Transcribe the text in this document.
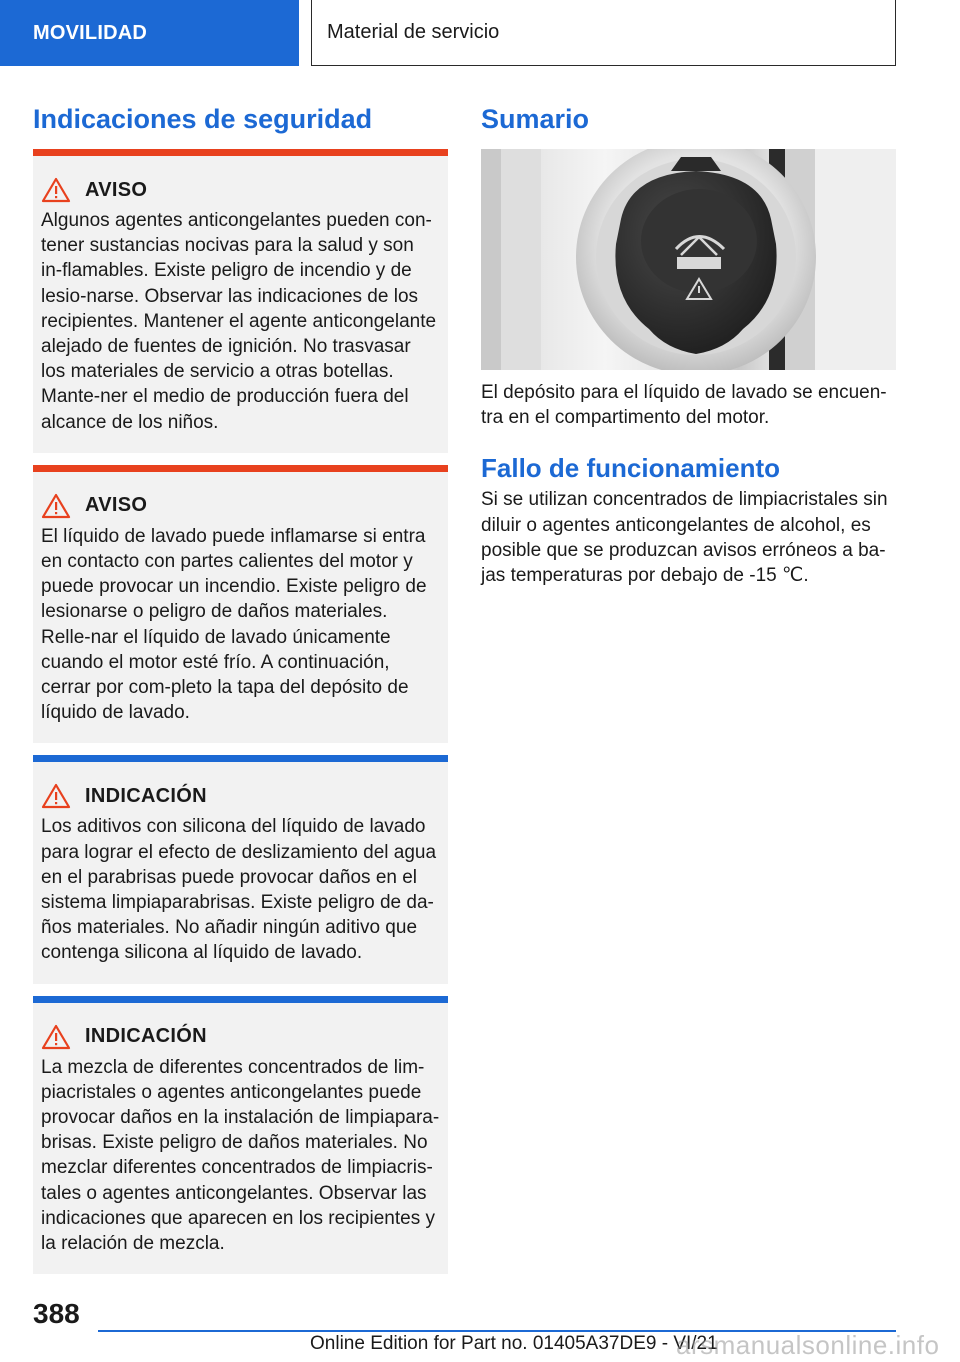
MOVILIDAD	Material de servicio
Indicaciones de seguridad
AVISO

Algunos agentes anticongelantes pueden con-tener sustancias nocivas para la salud y son in-flamables. Existe peligro de incendio y de lesio-narse. Observar las indicaciones de los recipientes. Mantener el agente anticongelante alejado de fuentes de ignición. No trasvasar los materiales de servicio a otras botellas. Mante-ner el medio de producción fuera del alcance de los niños.

AVISO

El líquido de lavado puede inflamarse si entra en contacto con partes calientes del motor y puede provocar un incendio. Existe peligro de lesionarse o peligro de daños materiales. Relle-nar el líquido de lavado únicamente cuando el motor esté frío. A continuación, cerrar por com-pleto la tapa del depósito de líquido de lavado.

INDICACIÓN

Los aditivos con silicona del líquido de lavado para lograr el efecto de deslizamiento del agua en el parabrisas puede provocar daños en el sistema limpiaparabrisas. Existe peligro de da-ños materiales. No añadir ningún aditivo que contenga silicona al líquido de lavado.

INDICACIÓN

La mezcla de diferentes concentrados de lim-piacristales o agentes anticongelantes puede provocar daños en la instalación de limpiapara-brisas. Existe peligro de daños materiales. No mezclar diferentes concentrados de limpiacris-tales o agentes anticongelantes. Observar las indicaciones que aparecen en los recipientes y la relación de mezcla.

Sumario

El depósito para el líquido de lavado se encuen-tra en el compartimento del motor.

Fallo de funcionamiento

Si se utilizan concentrados de limpiacristales sin diluir o agentes anticongelantes de alcohol, es posible que se produzcan avisos erróneos a ba-jas temperaturas por debajo de -15 ℃.

388
Online Edition for Part no. 01405A37DE9 - VI/21
arsmanualsonline.info
